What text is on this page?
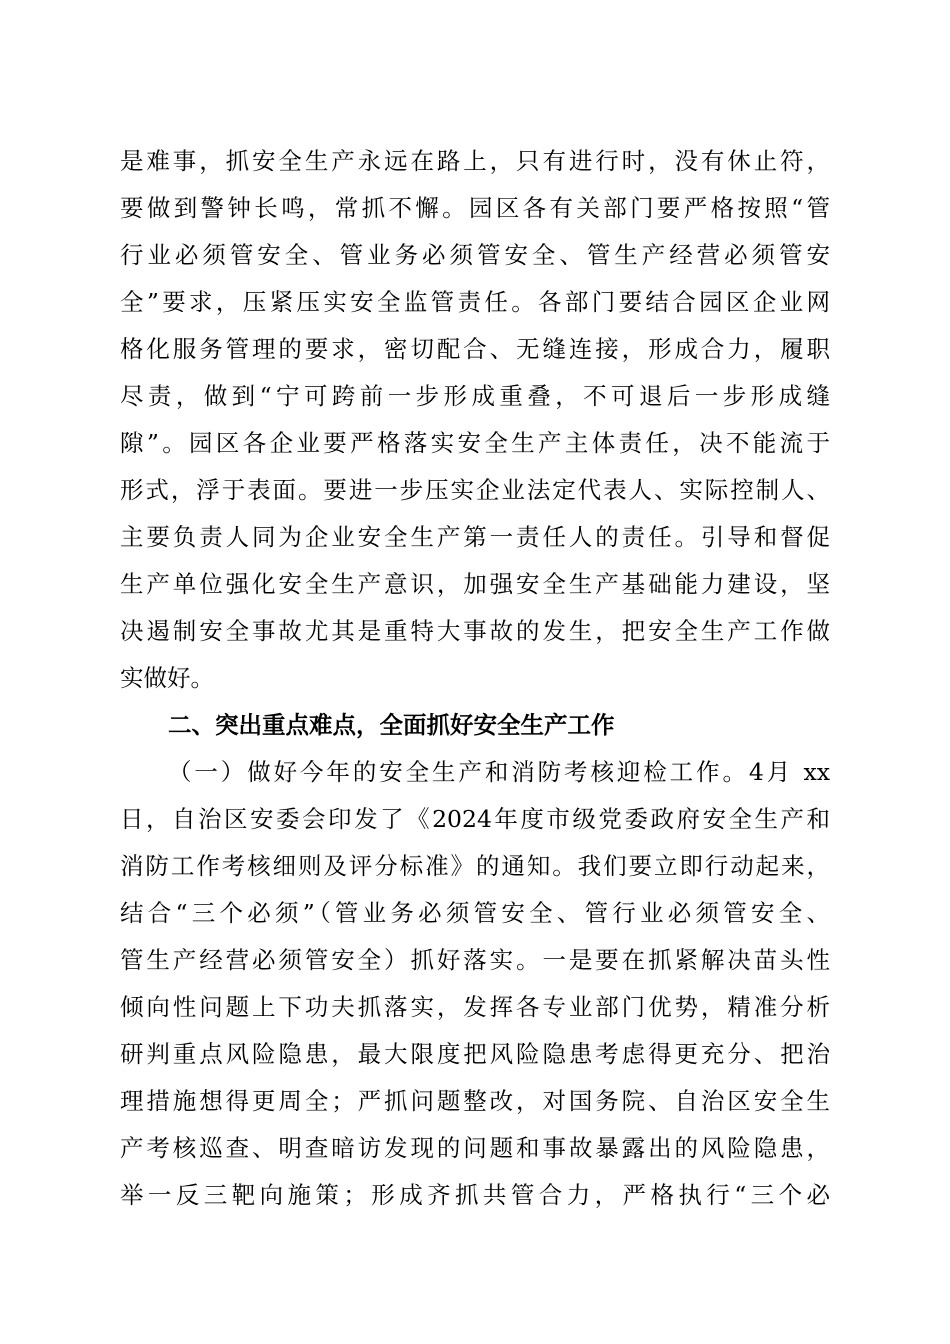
是难事，抓安全生产永远在路上，只有进行时，没有休止符，
要做到警钟长鸣，常抓不懈。园区各有关部门要严格按照“管
行业必须管安全、管业务必须管安全、管生产经营必须管安
全”要求，压紧压实安全监管责任。各部门要结合园区企业网
格化服务管理的要求，密切配合、无缝连接，形成合力，履职
尽责，做到“宁可跨前一步形成重叠，不可退后一步形成缝
隙”。园区各企业要严格落实安全生产主体责任，决不能流于
形式，浮于表面。要进一步压实企业法定代表人、实际控制人、
主要负责人同为企业安全生产第一责任人的责任。引导和督促
生产单位强化安全生产意识，加强安全生产基础能力建设，坚
决遏制安全事故尤其是重特大事故的发生，把安全生产工作做
实做好。
二、突出重点难点，全面抓好安全生产工作
（一）做好今年的安全生产和消防考核迎检工作。4月 xx
日，自治区安委会印发了《2024年度市级党委政府安全生产和
消防工作考核细则及评分标准》的通知。我们要立即行动起来，
结合“三个必须”（管业务必须管安全、管行业必须管安全、
管生产经营必须管安全）抓好落实。一是要在抓紧解决苗头性
倾向性问题上下功夫抓落实，发挥各专业部门优势，精准分析
研判重点风险隐患，最大限度把风险隐患考虑得更充分、把治
理措施想得更周全；严抓问题整改，对国务院、自治区安全生
产考核巡查、明查暗访发现的问题和事故暴露出的风险隐患，
举一反三靶向施策；形成齐抓共管合力，严格执行“三个必
